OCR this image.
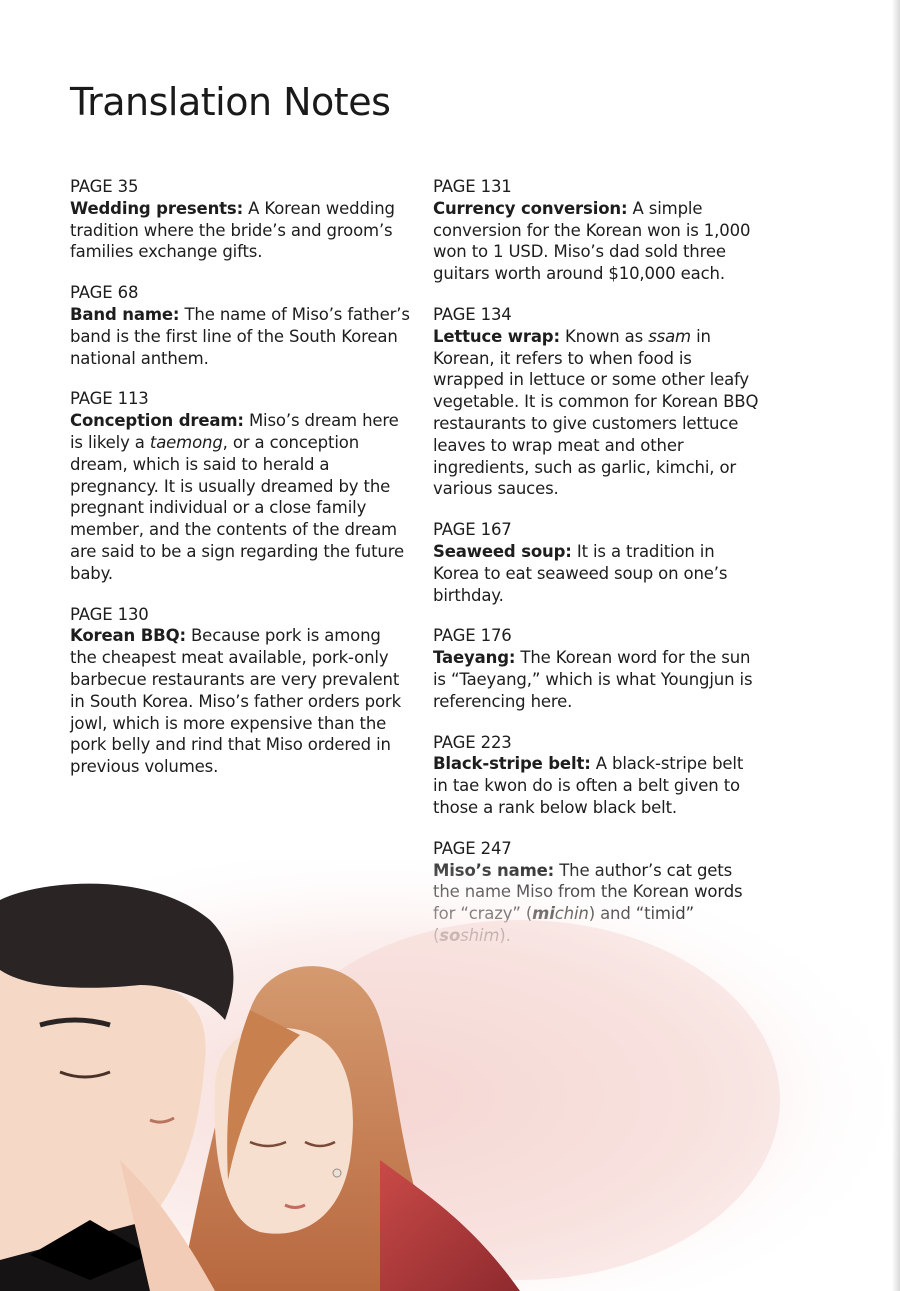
Translation Notes
PAGE 35

Wedding presents: A Korean wedding tradition where the bride’s and groom’s families exchange gifts.

PAGE 68

Band name: The name of Miso’s father’s band is the first line of the South Korean national anthem.

PAGE 113

Conception dream: Miso’s dream here is likely a taemong, or a conception dream, which is said to herald a pregnancy. It is usually dreamed by the pregnant individual or a close family member, and the contents of the dream are said to be a sign regarding the future baby.

PAGE 130

Korean BBQ: Because pork is among the cheapest meat available, pork-only barbecue restaurants are very prevalent in South Korea. Miso’s father orders pork jowl, which is more expensive than the pork belly and rind that Miso ordered in previous volumes.

PAGE 131

Currency conversion: A simple conversion for the Korean won is 1,000 won to 1 USD. Miso’s dad sold three guitars worth around $10,000 each.

PAGE 134

Lettuce wrap: Known as ssam in Korean, it refers to when food is wrapped in lettuce or some other leafy vegetable. It is common for Korean BBQ restaurants to give customers lettuce leaves to wrap meat and other ingredients, such as garlic, kimchi, or various sauces.

PAGE 167

Seaweed soup: It is a tradition in Korea to eat seaweed soup on one’s birthday.

PAGE 176

Taeyang: The Korean word for the sun is “Taeyang,” which is what Youngjun is referencing here.

PAGE 223

Black-stripe belt: A black-stripe belt in tae kwon do is often a belt given to those a rank below black belt.

PAGE 247
